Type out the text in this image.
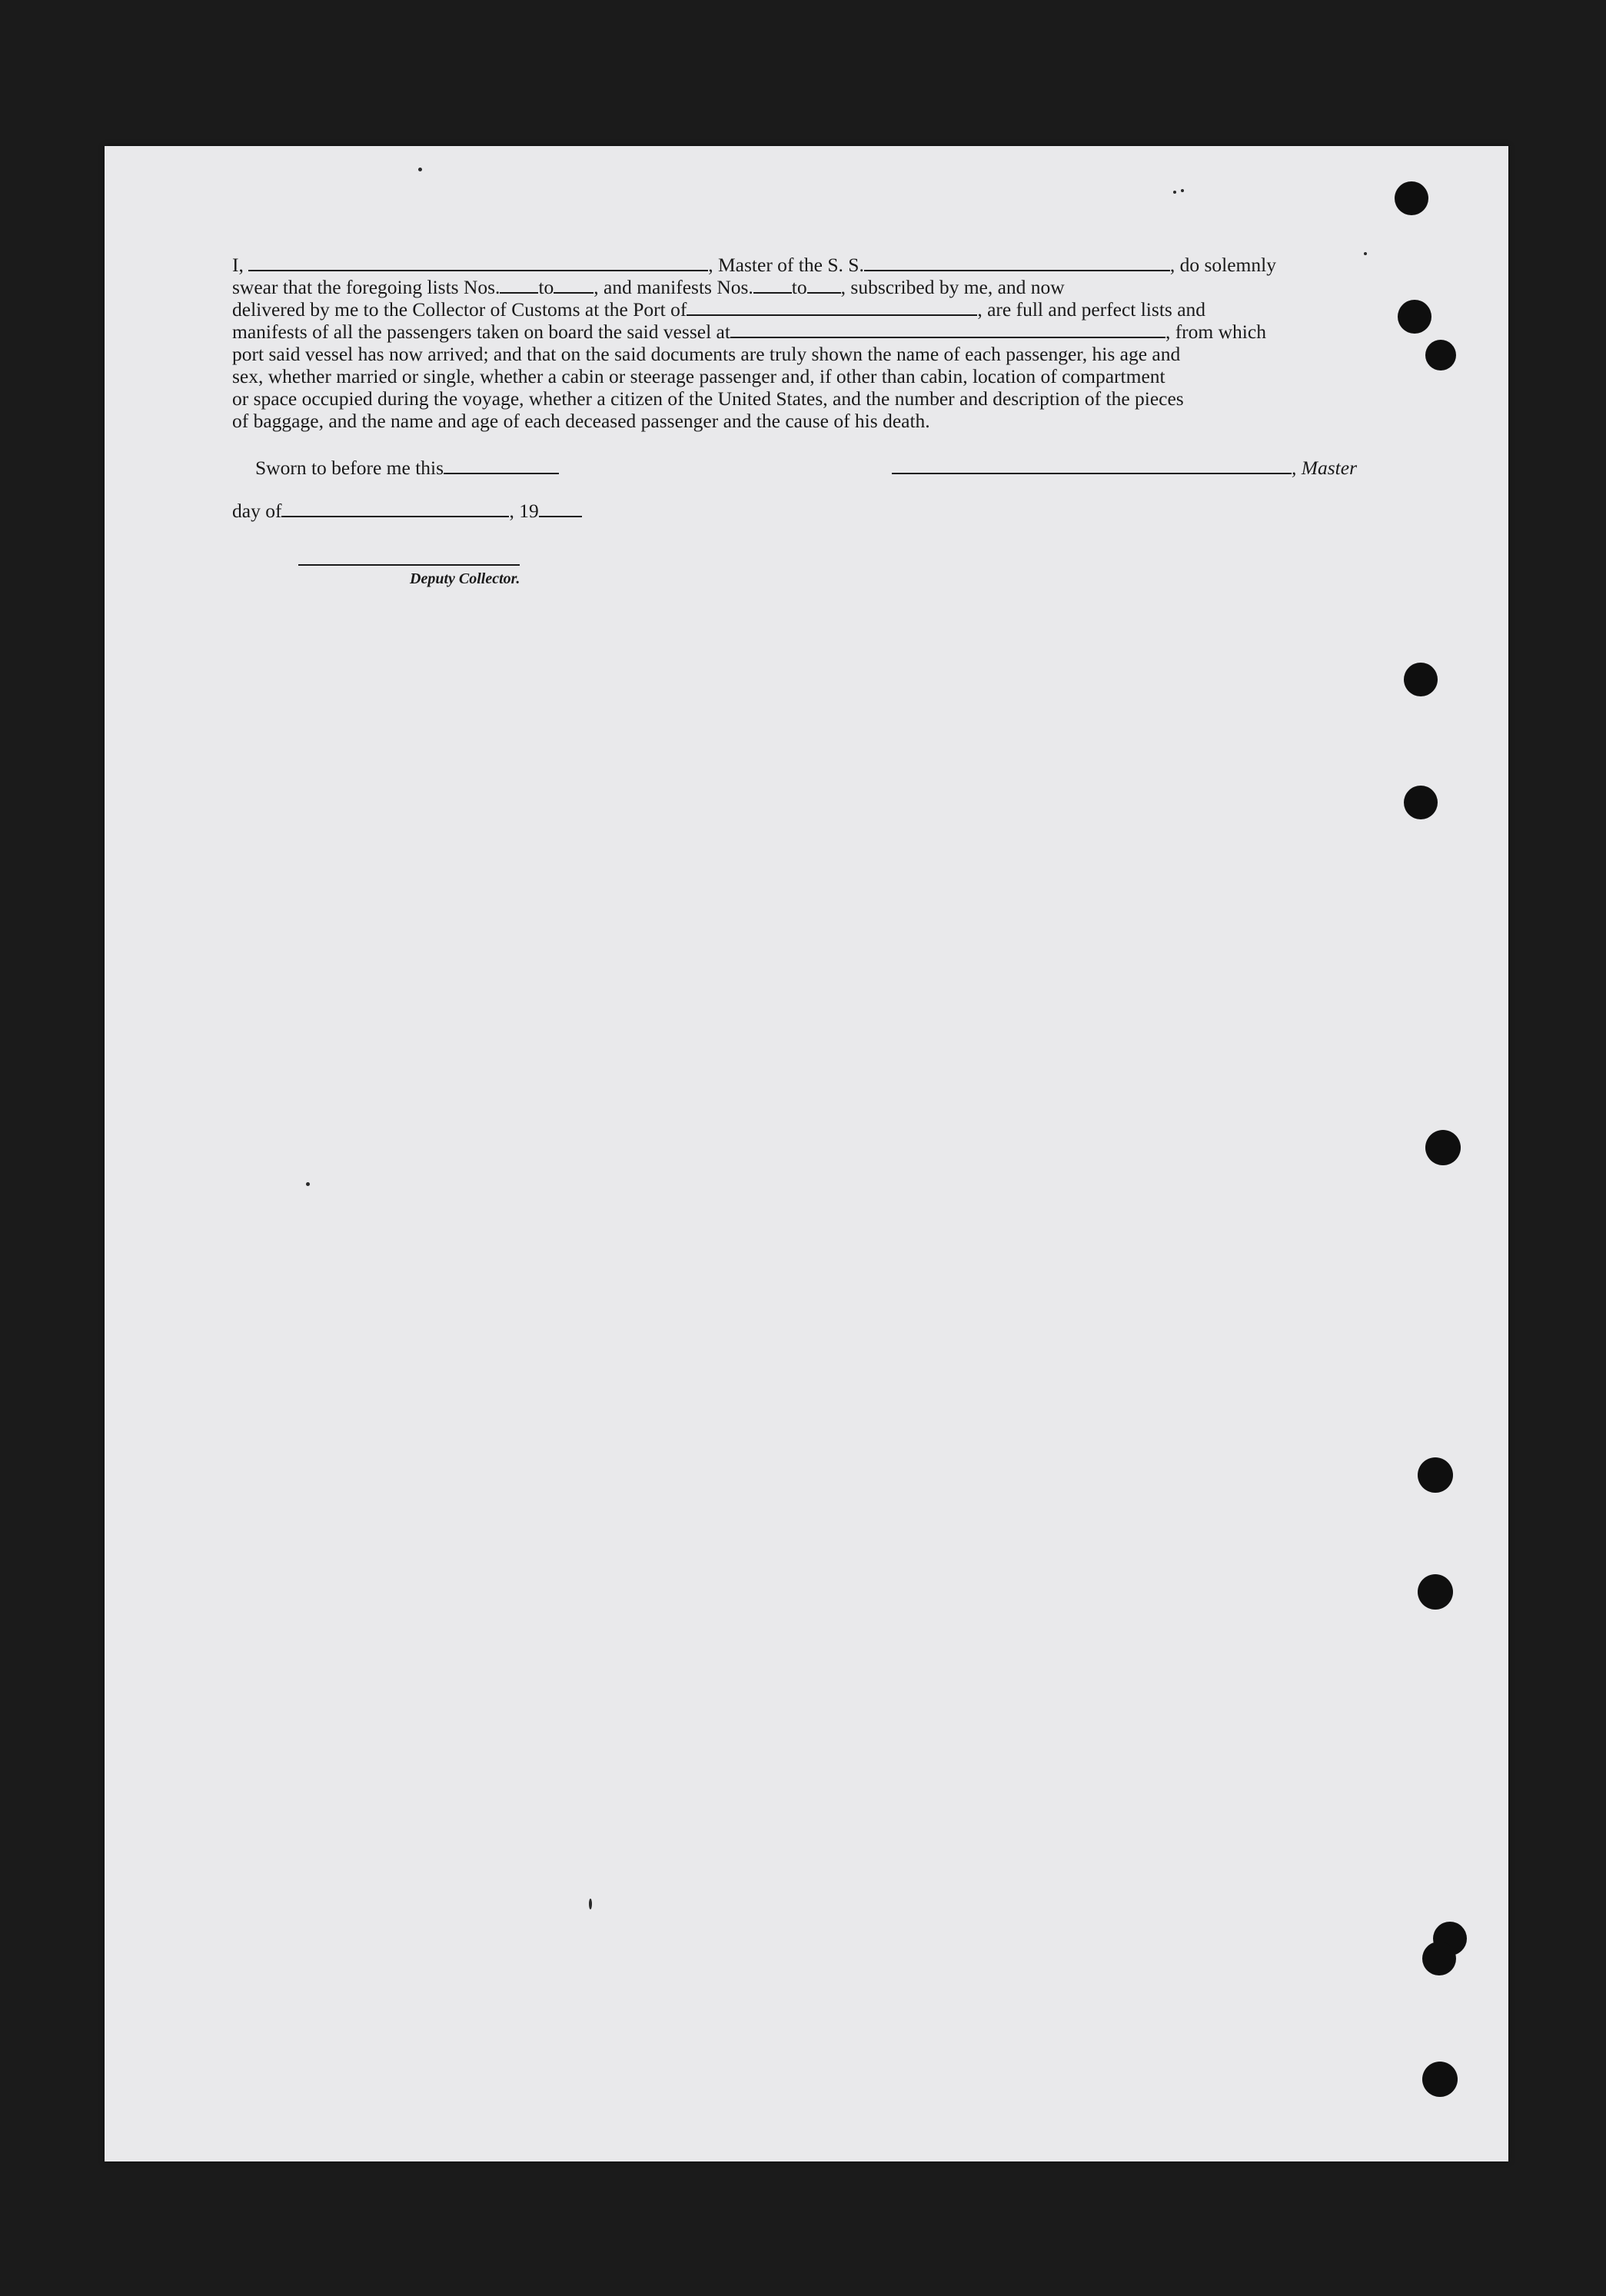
I,	, Master of the S. S.	, do solemnly
swear that the foregoing lists Nos. to , and manifests Nos. to , subscribed by me, and now
delivered by me to the Collector of Customs at the Port of	, are full and perfect lists and
manifests of all the passengers taken on board the said vessel at	, from which
port said vessel has now arrived; and that on the said documents are truly shown the name of each passenger, his age and
sex, whether married or single, whether a cabin or steerage passenger and, if other than cabin, location of compartment
or space occupied during the voyage, whether a citizen of the United States, and the number and description of the pieces
of baggage, and the name and age of each deceased passenger and the cause of his death.
Sworn to before me this	, Master
day of	, 19
Deputy Collector.
